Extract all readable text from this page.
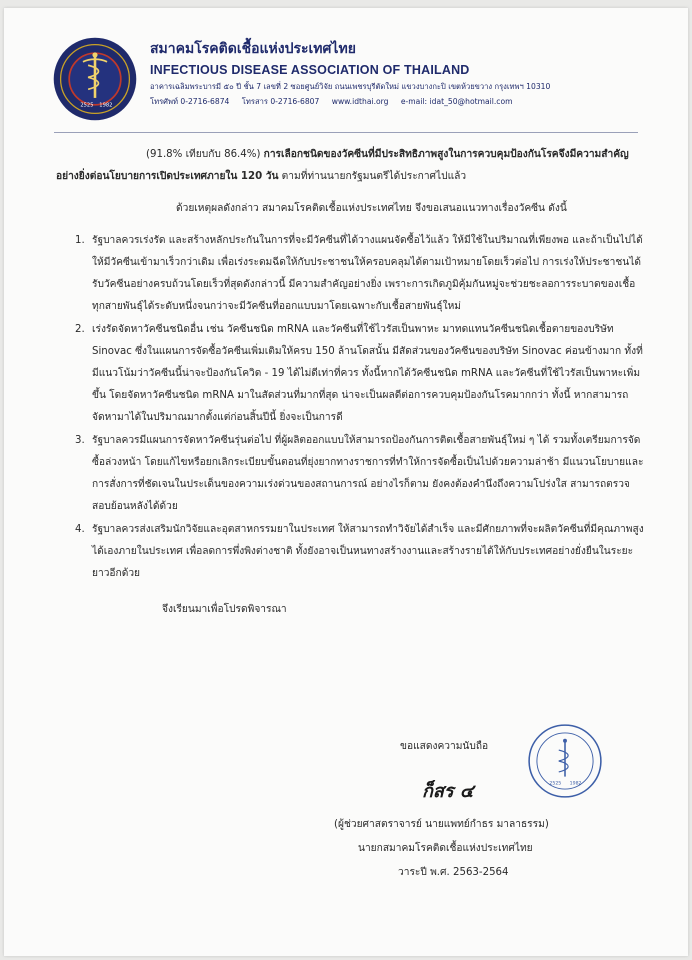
2525 1982
สมาคมโรคติดเชื้อแห่งประเทศไทย
INFECTIOUS DISEASE ASSOCIATION OF THAILAND
อาคารเฉลิมพระบารมี ๕๐ ปี ชั้น 7 เลขที่ 2 ซอยศูนย์วิจัย ถนนเพชรบุรีตัดใหม่ แขวงบางกะปิ เขตห้วยขวาง กรุงเทพฯ 10310
โทรศัพท์ 0-2716-6874 โทรสาร 0-2716-6807 www.idthai.org e-mail: idat_50@hotmail.com

(91.8% เทียบกับ 86.4%) การเลือกชนิดของวัคซีนที่มีประสิทธิภาพสูงในการควบคุมป้องกันโรคจึงมีความสำคัญอย่างยิ่งต่อนโยบายการเปิดประเทศภายใน 120 วัน ตามที่ท่านนายกรัฐมนตรีได้ประกาศไปแล้ว

ด้วยเหตุผลดังกล่าว สมาคมโรคติดเชื้อแห่งประเทศไทย จึงขอเสนอแนวทางเรื่องวัคซีน ดังนี้

1. รัฐบาลควรเร่งรัด และสร้างหลักประกันในการที่จะมีวัคซีนที่ได้วางแผนจัดซื้อไว้แล้ว ให้มีใช้ในปริมาณที่เพียงพอ และถ้าเป็นไปได้ ให้มีวัคซีนเข้ามาเร็วกว่าเดิม เพื่อเร่งระดมฉีดให้กับประชาชนให้ครอบคลุมได้ตามเป้าหมายโดยเร็วต่อไป การเร่งให้ประชาชนได้รับวัคซีนอย่างครบถ้วนโดยเร็วที่สุดดังกล่าวนี้ มีความสำคัญอย่างยิ่ง เพราะการเกิดภูมิคุ้มกันหมู่จะช่วยชะลอการระบาดของเชื้อทุกสายพันธุ์ได้ระดับหนึ่งจนกว่าจะมีวัคซีนที่ออกแบบมาโดยเฉพาะกับเชื้อสายพันธุ์ใหม่
2. เร่งรัดจัดหาวัคซีนชนิดอื่น เช่น วัคซีนชนิด mRNA และวัคซีนที่ใช้ไวรัสเป็นพาหะ มาทดแทนวัคซีนชนิดเชื้อตายของบริษัท Sinovac ซึ่งในแผนการจัดซื้อวัคซีนเพิ่มเติมให้ครบ 150 ล้านโดสนั้น มีสัดส่วนของวัคซีนของบริษัท Sinovac ค่อนข้างมาก ทั้งที่มีแนวโน้มว่าวัคซีนนี้น่าจะป้องกันโควิด - 19 ได้ไม่ดีเท่าที่ควร ทั้งนี้หากได้วัคซีนชนิด mRNA และวัคซีนที่ใช้ไวรัสเป็นพาหะเพิ่มขึ้น โดยจัดหาวัคซีนชนิด mRNA มาในสัดส่วนที่มากที่สุด น่าจะเป็นผลดีต่อการควบคุมป้องกันโรคมากกว่า ทั้งนี้ หากสามารถจัดหามาได้ในปริมาณมากตั้งแต่ก่อนสิ้นปีนี้ ยิ่งจะเป็นการดี
3. รัฐบาลควรมีแผนการจัดหาวัคซีนรุ่นต่อไป ที่ผู้ผลิตออกแบบให้สามารถป้องกันการติดเชื้อสายพันธุ์ใหม่ ๆ ได้ รวมทั้งเตรียมการจัดซื้อล่วงหน้า โดยแก้ไขหรือยกเลิกระเบียบขั้นตอนที่ยุ่งยากทางราชการที่ทำให้การจัดซื้อเป็นไปด้วยความล่าช้า มีแนวนโยบายและการสั่งการที่ชัดเจนในประเด็นของความเร่งด่วนของสถานการณ์ อย่างไรก็ตาม ยังคงต้องคำนึงถึงความโปร่งใส สามารถตรวจสอบย้อนหลังได้ด้วย
4. รัฐบาลควรส่งเสริมนักวิจัยและอุตสาหกรรมยาในประเทศ ให้สามารถทำวิจัยได้สำเร็จ และมีศักยภาพที่จะผลิตวัคซีนที่มีคุณภาพสูงได้เองภายในประเทศ เพื่อลดการพึ่งพิงต่างชาติ ทั้งยังอาจเป็นหนทางสร้างงานและสร้างรายได้ให้กับประเทศอย่างยั่งยืนในระยะยาวอีกด้วย
จึงเรียนมาเพื่อโปรดพิจารณา
ขอแสดงความนับถือ
ก็สร ๔
(ผู้ช่วยศาสตราจารย์ นายแพทย์กำธร มาลาธรรม)
นายกสมาคมโรคติดเชื้อแห่งประเทศไทย
วาระปี พ.ศ. 2563-2564
2525 1982
